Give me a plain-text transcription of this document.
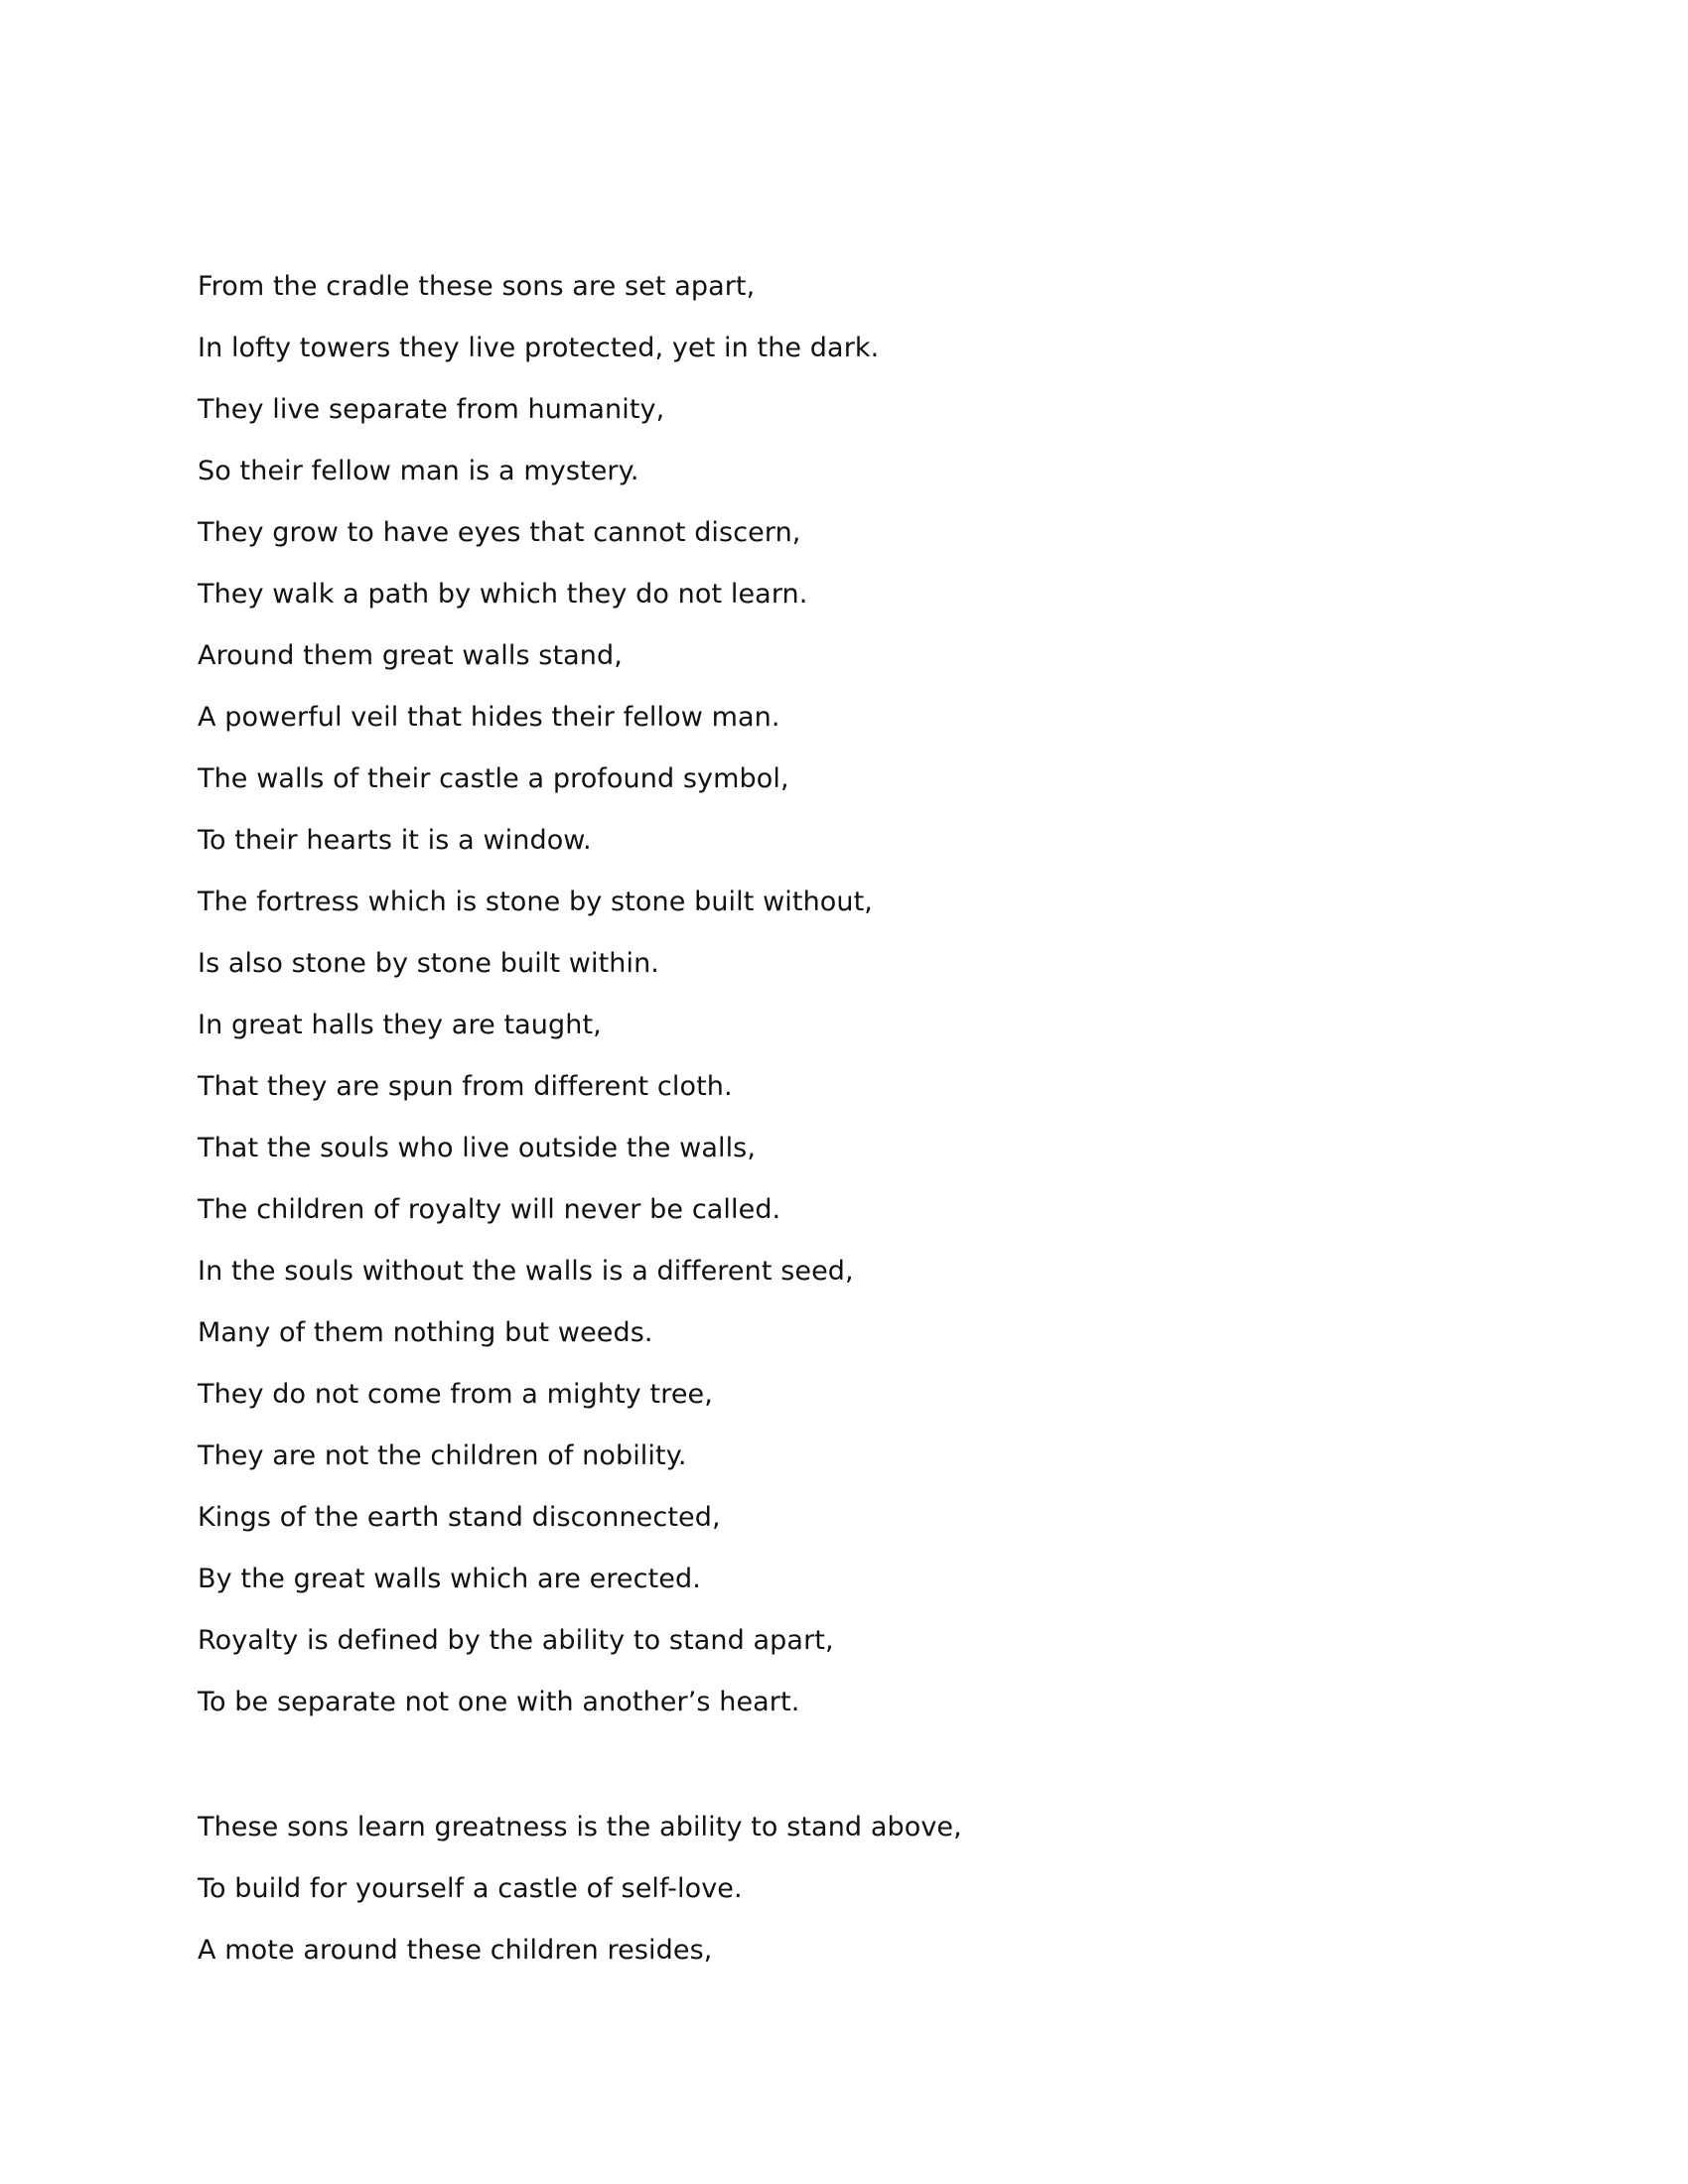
From the cradle these sons are set apart,
In lofty towers they live protected, yet in the dark.
They live separate from humanity,
So their fellow man is a mystery.
They grow to have eyes that cannot discern,
They walk a path by which they do not learn.
Around them great walls stand,
A powerful veil that hides their fellow man.
The walls of their castle a profound symbol,
To their hearts it is a window.
The fortress which is stone by stone built without,
Is also stone by stone built within.
In great halls they are taught,
That they are spun from different cloth.
That the souls who live outside the walls,
The children of royalty will never be called.
In the souls without the walls is a different seed,
Many of them nothing but weeds.
They do not come from a mighty tree,
They are not the children of nobility.
Kings of the earth stand disconnected,
By the great walls which are erected.
Royalty is defined by the ability to stand apart,
To be separate not one with another’s heart.
These sons learn greatness is the ability to stand above,
To build for yourself a castle of self-love.
A mote around these children resides,
